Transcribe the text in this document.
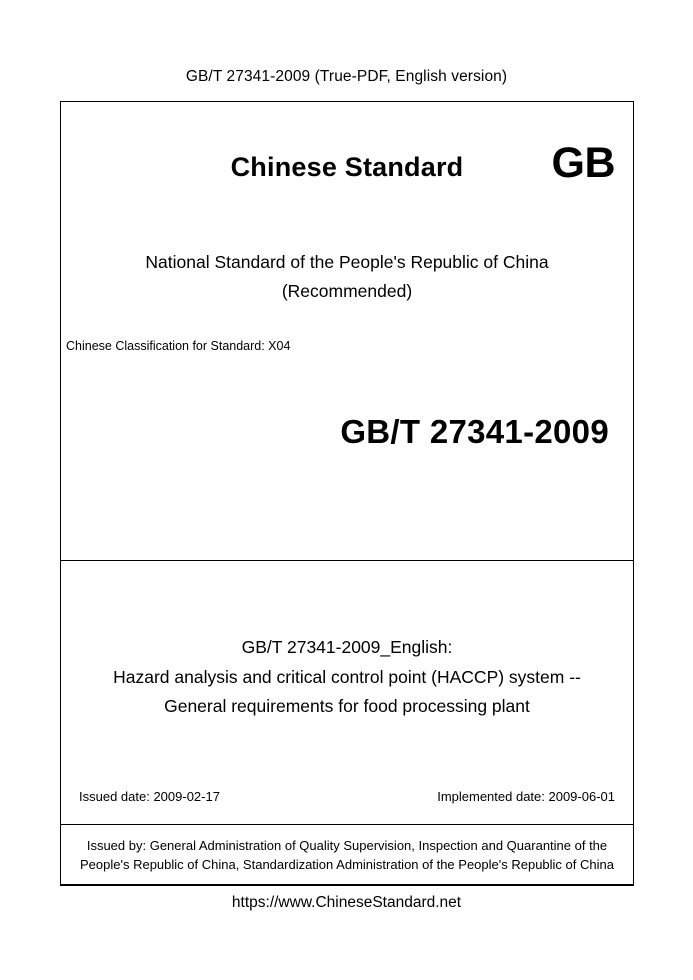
GB/T 27341-2009 (True-PDF, English version)
Chinese Standard	GB
National Standard of the People's Republic of China
(Recommended)
Chinese Classification for Standard: X04
GB/T 27341-2009
GB/T 27341-2009_English:
Hazard analysis and critical control point (HACCP) system --
General requirements for food processing plant
Issued date: 2009-02-17	Implemented date: 2009-06-01
Issued by: General Administration of Quality Supervision, Inspection and Quarantine of the People's Republic of China, Standardization Administration of the People's Republic of China
https://www.ChineseStandard.net
